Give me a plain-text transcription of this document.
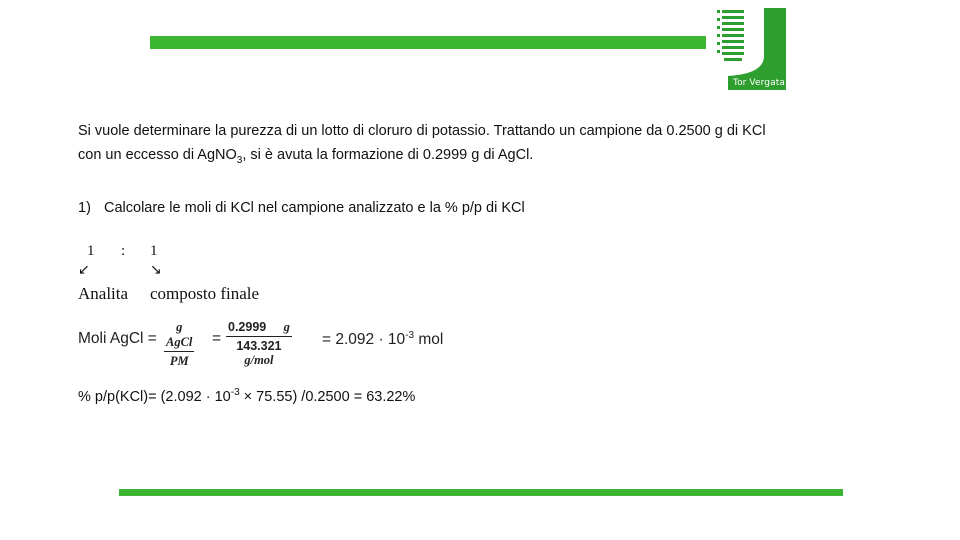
Tor Vergata
Si vuole determinare la purezza di un lotto di cloruro di potassio. Trattando un campione da 0.2500 g di KCl
con un eccesso di AgNO$_3$, si è avuta la formazione di 0.2999 g di AgCl.
1) Calcolare le moli di KCl nel campione analizzato e la % p/p di KCl
1 : 1
↙	↘
Analita composto finale
Moli AgCl =
g AgCl
PM
=
0.2999 g
143.321 g/mol
= $2.092 \cdot 10^{-3}$ mol
% $p/p(KCl)= (2.092 \cdot 10^{-3} \times 75.55)$ /0.2500 = 63.22%
